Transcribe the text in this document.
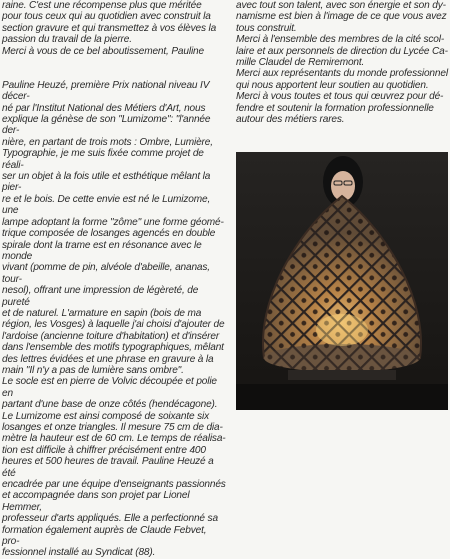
raine. C'est une récompense plus que méritée

pour tous ceux qui au quotidien avec construit la

section gravure et qui transmettez à vos élèves la

passion du travail de la pierre.

Merci à vous de ce bel aboutissement, Pauline

Pauline Heuzé, première Prix national niveau IV décer-

né par l'Institut National des Métiers d'Art, nous

explique la génèse de son "Lumizome": "l'année der-

nière, en partant de trois mots : Ombre, Lumière,

Typographie, je me suis fixée comme projet de réali-

ser un objet à la fois utile et esthétique mêlant la pier-

re et le bois. De cette envie est né le Lumizome, une

lampe adoptant la forme "zôme" une forme géomé-

trique composée de losanges agencés en double

spirale dont la trame est en résonance avec le monde

vivant (pomme de pin, alvéole d'abeille, ananas, tour-

nesol), offrant une impression de légèreté, de pureté

et de naturel. L'armature en sapin (bois de ma

région, les Vosges) à laquelle j'ai choisi d'ajouter de

l'ardoise (ancienne toiture d'habitation) et d'insérer

dans l'ensemble des motifs typographiques, mêlant

des lettres évidées et une phrase en gravure à la

main "Il n'y a pas de lumière sans ombre".

Le socle est en pierre de Volvic découpée et polie en

partant d'une base de onze côtés (hendécagone).

Le Lumizome est ainsi composé de soixante six

losanges et onze triangles. Il mesure 75 cm de dia-

mètre la hauteur est de 60 cm. Le temps de réalisa-

tion est difficile à chiffrer précisément entre 400

heures et 500 heures de travail. Pauline Heuzé a été

encadrée par une équipe d'enseignants passionnés

et accompagnée dans son projet par Lionel Hemmer,

professeur d'arts appliqués. Elle a perfectionné sa

formation également auprès de Claude Febvet, pro-

fessionnel installé au Syndicat (88).

avec tout son talent, avec son énergie et son dy-

namisme est bien à l'image de ce que vous avez

tous construit.

Merci à l'ensemble des membres de la cité scol-

laire et aux personnels de direction du Lycée Ca-

mille Claudel de Remiremont.

Merci aux représentants du monde professionnel

qui nous apportent leur soutien au quotidien.

Merci à vous toutes et tous qui œuvrez pour dé-

fendre et soutenir la formation professionnelle

autour des métiers rares.
